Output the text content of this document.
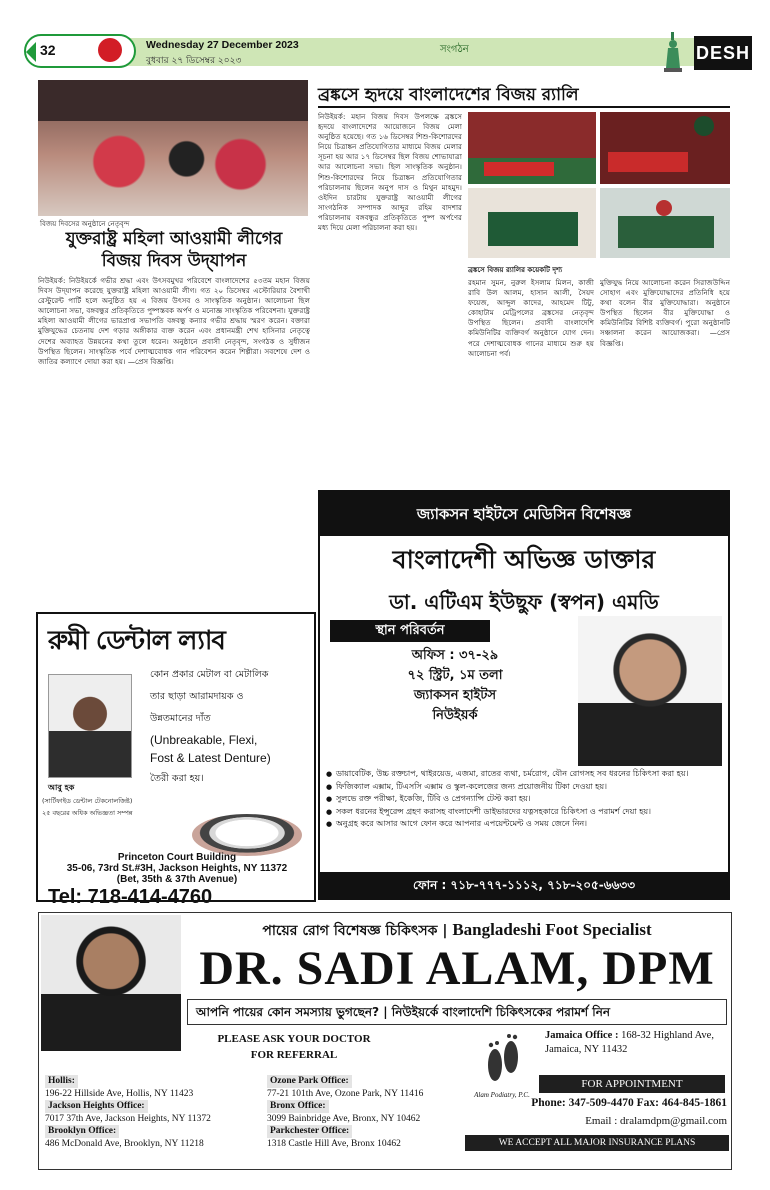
32	Wednesday 27 December 2023
বুধবার ২৭ ডিসেম্বর ২০২৩
সংগঠন	DESH
বিজয় দিবসের অনুষ্ঠানে নেতৃবৃন্দ
যুক্তরাষ্ট্র মহিলা আওয়ামী লীগের
বিজয় দিবস উদ্‌যাপন
নিউইয়র্ক: নিউইয়র্কে গভীর শ্রদ্ধা এবং উৎসবমুখর পরিবেশে বাংলাদেশের ৫৩তম মহান বিজয় দিবস উদ্‌যাপন করেছে যুক্তরাষ্ট্র মহিলা আওয়ামী লীগ। গত ২০ ডিসেম্বর এস্টোরিয়ার বৈশাখী রেস্টুরেন্ট পার্টি হলে অনুষ্ঠিত হয় এ বিজয় উৎসব ও সাংস্কৃতিক অনুষ্ঠান। আলোচনা ছিল আলোচনা সভা, বঙ্গবন্ধুর প্রতিকৃতিতে পুষ্পস্তবক অর্পণ ও মনোজ্ঞ সাংস্কৃতিক পরিবেশনা। যুক্তরাষ্ট্র মহিলা আওয়ামী লীগের ভারপ্রাপ্ত সভাপতি বঙ্গবন্ধু কন্যার গভীর শ্রদ্ধায় স্মরণ করেন। বক্তারা মুক্তিযুদ্ধের চেতনায় দেশ গড়ার অঙ্গীকার ব্যক্ত করেন এবং প্রধানমন্ত্রী শেখ হাসিনার নেতৃত্বে দেশের অব্যাহত উন্নয়নের কথা তুলে ধরেন। অনুষ্ঠানে প্রবাসী নেতৃবৃন্দ, সংগঠক ও সুধীজন উপস্থিত ছিলেন। সাংস্কৃতিক পর্বে দেশাত্মবোধক গান পরিবেশন করেন শিল্পীরা। সবশেষে দেশ ও জাতির কল্যাণে দোয়া করা হয়। —প্রেস বিজ্ঞপ্তি।
ব্রঙ্কসে হৃদয়ে বাংলাদেশের বিজয় র‌্যালি
নিউইয়র্ক: মহান বিজয় দিবস উপলক্ষে ব্রঙ্কসে হৃদয়ে বাংলাদেশের আয়োজনে বিজয় মেলা অনুষ্ঠিত হয়েছে। গত ১৬ ডিসেম্বর শিশু-কিশোরদের নিয়ে চিত্রাঙ্কন প্রতিযোগিতার মাধ্যমে বিজয় মেলার সূচনা হয় আর ১৭ ডিসেম্বর ছিল বিজয় শোভাযাত্রা আর আলোচনা সভা। ছিল সাংস্কৃতিক অনুষ্ঠান। শিশু-কিশোরদের নিয়ে চিত্রাঙ্কন প্রতিযোগিতার পরিচালনায় ছিলেন অনুপ দাস ও মিথুন মাহমুদ। ওইদিন চারটায় যুক্তরাষ্ট্র আওয়ামী লীগের সাংগঠনিক সম্পাদক আব্দুর রহিম বাদশার পরিচালনায় বঙ্গবন্ধুর প্রতিকৃতিতে পুষ্প অর্পণের মধ্য দিয়ে মেলা পরিচালনা করা হয়।
ব্রঙ্কসে বিজয় র‌্যালির কয়েকটি দৃশ্য
রহমান সুমন, নুরুল ইসলাম মিলন, কাজী রাবি উল আলম, হাসান আলী, সৈয়দ ফয়েজ, আব্দুল কাদের, আহমেদ টিটু, কোহাটাম মেট্রিপলের ব্রঙ্কসের নেতৃবৃন্দ উপস্থিত ছিলেন। প্রবাসী বাংলাদেশি কমিউনিটির ব্যক্তিবর্গ অনুষ্ঠানে যোগ দেন। পরে দেশাত্মবোধক গানের মাধ্যমে শুরু হয় আলোচনা পর্ব।
মুক্তিযুদ্ধ নিয়ে আলোচনা করেন সিরাজউদ্দিন সোহাগ এবং মুক্তিযোদ্ধাদের প্রতিনিধি হয়ে কথা বলেন বীর মুক্তিযোদ্ধারা। অনুষ্ঠানে উপস্থিত ছিলেন বীর মুক্তিযোদ্ধা ও কমিউনিটির বিশিষ্ট ব্যক্তিবর্গ। পুরো অনুষ্ঠানটি সঞ্চালনা করেন আয়োজকরা। —প্রেস বিজ্ঞপ্তি।
রুমী ডেন্টাল ল্যাব
কোন প্রকার মেটাল বা মেটালিক
তার ছাড়া আরামদায়ক ও
উন্নতমানের দাঁত
(Unbreakable, Flexi,
Fost & Latest Denture)
তৈরী করা হয়।
আবু হক
(সার্টিফাইড ডেন্টাল টেকনোলজিষ্ট)
২৫ বছরের অধিক অভিজ্ঞতা সম্পন্ন
Princeton Court Building
35-06, 73rd St.#3H, Jackson Heights, NY 11372
(Bet, 35th & 37th Avenue)
Tel: 718-414-4760
জ্যাকসন হাইটসে মেডিসিন বিশেষজ্ঞ
বাংলাদেশী অভিজ্ঞ ডাক্তার
ডা. এটিএম ইউছুফ (স্বপন) এমডি
স্থান পরিবর্তন
অফিস : ৩৭-২৯
৭২ স্ট্রিট, ১ম তলা
জ্যাকসন হাইটস
নিউইয়র্ক
● ডায়াবেটিক, উচ্চ রক্তচাপ, থাইরয়েড, এজমা, রাতের ব্যথা, চর্মরোগ, যৌন রোগসহ সব ধরনের চিকিৎসা করা হয়।
● ফিজিক্যাল এক্সাম, টিএসসি এক্সাম ও স্কুল-কলেজের জন্য প্রয়োজনীয় টিকা দেওয়া হয়।
● সুলভে রক্ত পরীক্ষা, ইকেজি, টিবি ও প্রেগন্যান্সি টেস্ট করা হয়।
● সকল ধরনের ইন্সুরেন্স গ্রহণ করাসহ বাংলাদেশী ডাইভারদের যত্নসহকারে চিকিৎসা ও পরামর্শ দেয়া হয়।
● অনুগ্রহ করে আসার আগে ফোন করে আপনার এপয়েন্টমেন্ট ও সময় জেনে নিন।
ফোন : ৭১৮-৭৭৭-১১১২, ৭১৮-২০৫-৬৬৩৩
পায়ের রোগ বিশেষজ্ঞ চিকিৎসক | Bangladeshi Foot Specialist
DR. SADI ALAM, DPM
আপনি পায়ের কোন সমস্যায় ভুগছেন? | নিউইয়র্কে বাংলাদেশি চিকিৎসকের পরামর্শ নিন
PLEASE ASK YOUR DOCTOR
FOR REFERRAL
Alam Podiatry, P.C.
Jamaica Office : 168-32 Highland Ave,
Jamaica, NY 11432
Hollis:
196-22 Hillside Ave, Hollis, NY 11423
Jackson Heights Office:
7017 37th Ave, Jackson Heights, NY 11372
Brooklyn Office:
486 McDonald Ave, Brooklyn, NY 11218
Ozone Park Office:
77-21 101th Ave, Ozone Park, NY 11416
Bronx Office:
3099 Bainbridge Ave, Bronx, NY 10462
Parkchester Office:
1318 Castle Hill Ave, Bronx 10462
FOR APPOINTMENT
Phone: 347-509-4470 Fax: 464-845-1861
Email : dralamdpm@gmail.com
WE ACCEPT ALL MAJOR INSURANCE PLANS
